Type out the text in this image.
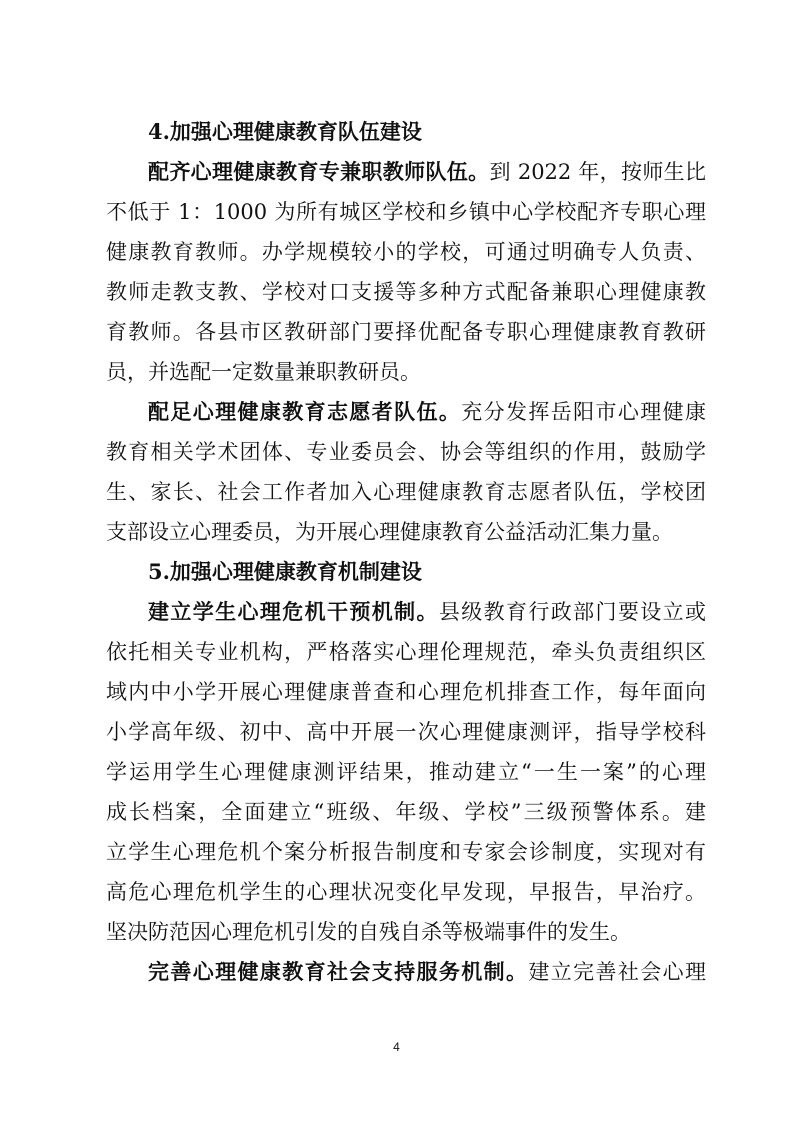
4.加强心理健康教育队伍建设
配齐心理健康教育专兼职教师队伍。到 2022 年，按师生比
不低于 1：1000 为所有城区学校和乡镇中心学校配齐专职心理
健康教育教师。办学规模较小的学校，可通过明确专人负责、
教师走教支教、学校对口支援等多种方式配备兼职心理健康教
育教师。各县市区教研部门要择优配备专职心理健康教育教研
员，并选配一定数量兼职教研员。
配足心理健康教育志愿者队伍。充分发挥岳阳市心理健康
教育相关学术团体、专业委员会、协会等组织的作用，鼓励学
生、家长、社会工作者加入心理健康教育志愿者队伍，学校团
支部设立心理委员，为开展心理健康教育公益活动汇集力量。
5.加强心理健康教育机制建设
建立学生心理危机干预机制。县级教育行政部门要设立或
依托相关专业机构，严格落实心理伦理规范，牵头负责组织区
域内中小学开展心理健康普查和心理危机排查工作，每年面向
小学高年级、初中、高中开展一次心理健康测评，指导学校科
学运用学生心理健康测评结果，推动建立“一生一案”的心理
成长档案，全面建立“班级、年级、学校”三级预警体系。建
立学生心理危机个案分析报告制度和专家会诊制度，实现对有
高危心理危机学生的心理状况变化早发现，早报告，早治疗。
坚决防范因心理危机引发的自残自杀等极端事件的发生。
完善心理健康教育社会支持服务机制。建立完善社会心理
4
